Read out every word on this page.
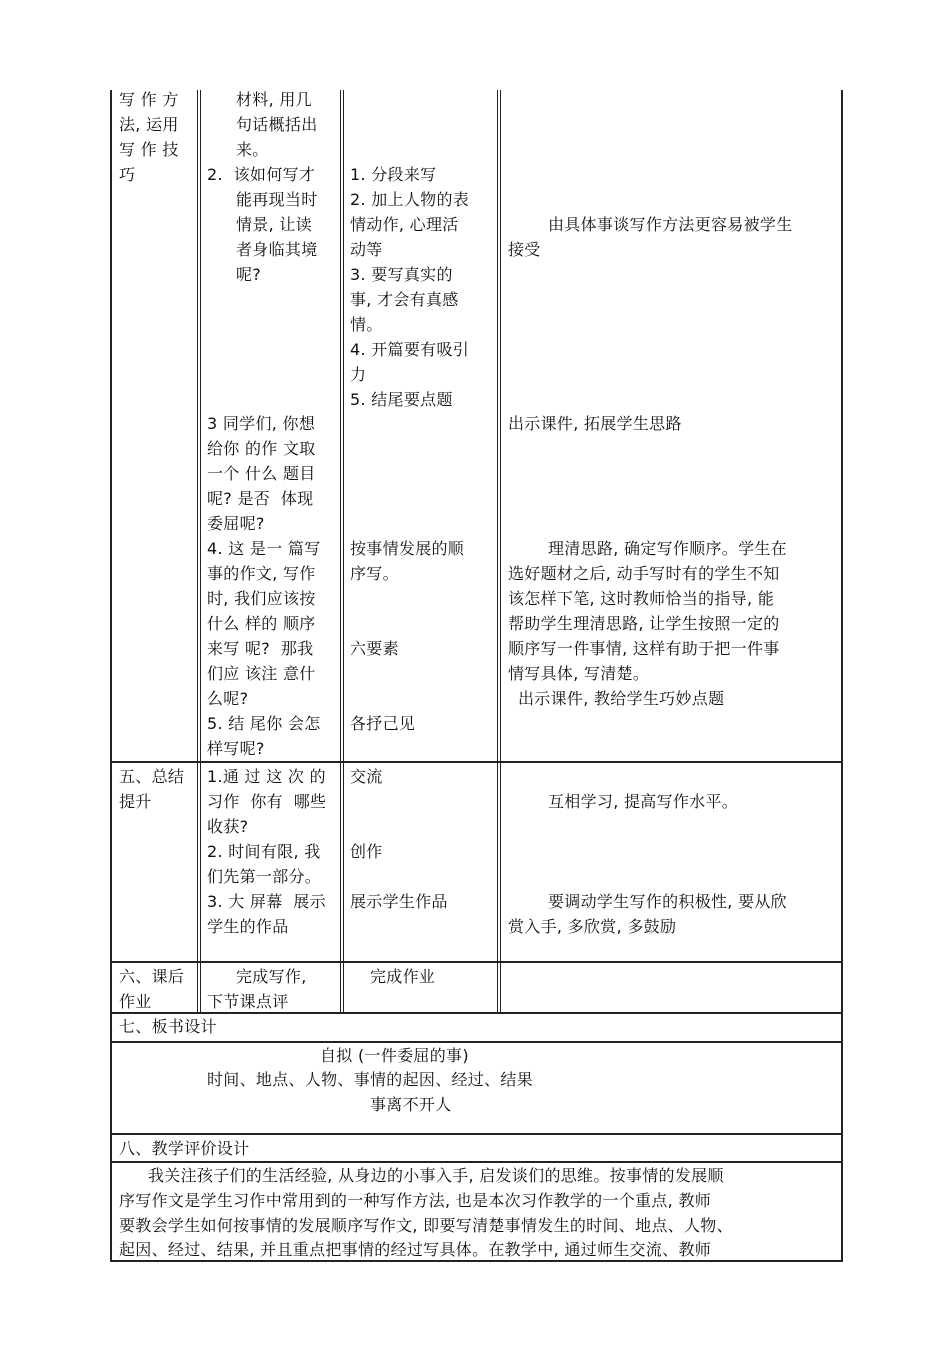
写 作 方
法, 运用
写 作 技
巧
材料, 用几
句话概括出
来。
2.  该如何写才
能再现当时
情景, 让读
者身临其境
呢?
3 同学们, 你想
给你 的作 文取
一个 什么 题目
呢? 是否  体现
委屈呢?
4. 这 是一 篇写
事的作文, 写作
时, 我们应该按
什么 样的 顺序
来写 呢?  那我
们应 该注 意什
么呢?
5. 结 尾你 会怎
样写呢?
1. 分段来写
2. 加上人物的表
情动作, 心理活
动等
3. 要写真实的
事, 才会有真感
情。
4. 开篇要有吸引
力
5. 结尾要点题
按事情发展的顺
序写。
六要素
各抒己见
由具体事谈写作方法更容易被学生
接受
出示课件, 拓展学生思路
理清思路, 确定写作顺序。学生在
选好题材之后, 动手写时有的学生不知
该怎样下笔, 这时教师恰当的指导, 能
帮助学生理清思路, 让学生按照一定的
顺序写一件事情, 这样有助于把一件事
情写具体, 写清楚。
出示课件, 教给学生巧妙点题
五、总结
提升
1.通 过 这 次 的
习作  你有  哪些
收获?
2. 时间有限, 我
们先第一部分。
3. 大 屏幕  展示
学生的作品
交流
创作
展示学生作品
互相学习, 提高写作水平。
要调动学生写作的积极性, 要从欣
赏入手, 多欣赏, 多鼓励
六、课后
作业
完成写作,
下节课点评
完成作业
七、板书设计
自拟 (一件委屈的事)
时间、地点、人物、事情的起因、经过、结果
事离不开人
八、教学评价设计
我关注孩子们的生活经验, 从身边的小事入手, 启发谈们的思维。按事情的发展顺
序写作文是学生习作中常用到的一种写作方法, 也是本次习作教学的一个重点, 教师
要教会学生如何按事情的发展顺序写作文, 即要写清楚事情发生的时间、地点、人物、
起因、经过、结果, 并且重点把事情的经过写具体。在教学中, 通过师生交流、教师
